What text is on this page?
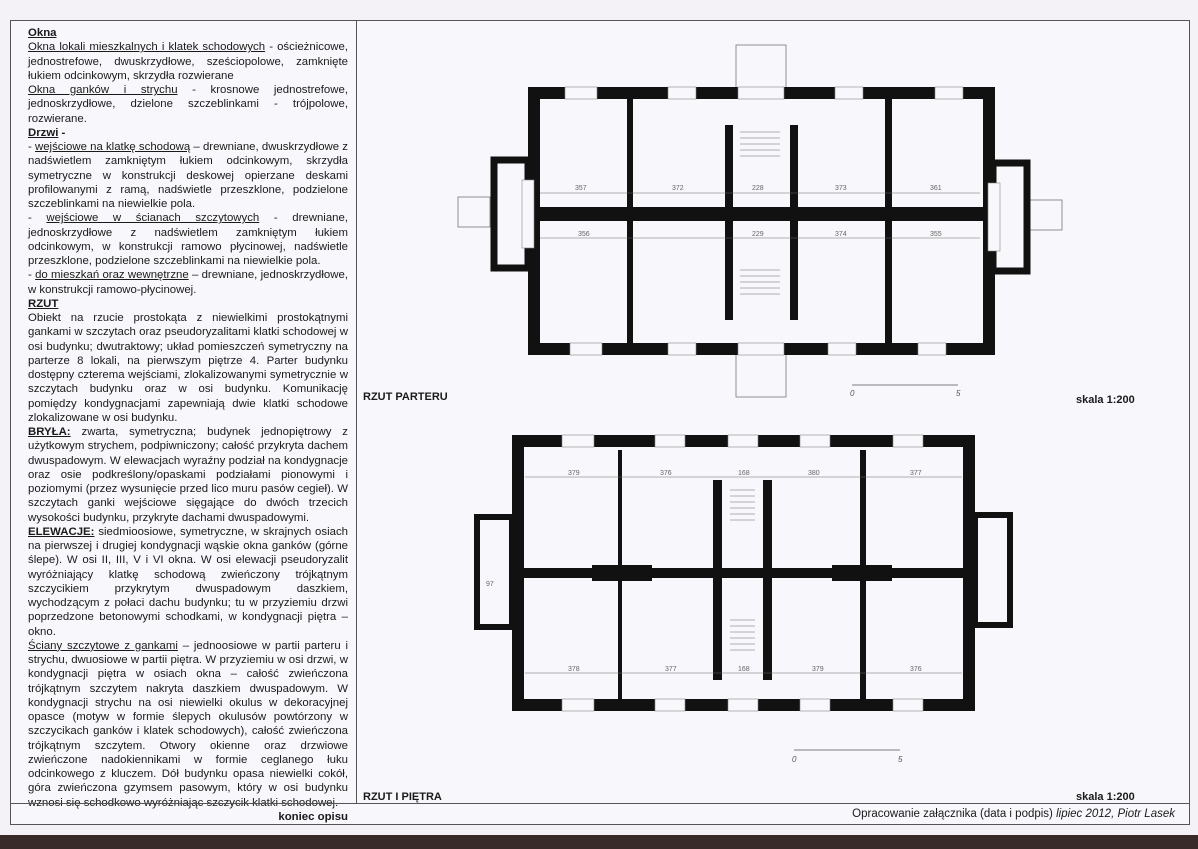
Okna

Okna lokali mieszkalnych i klatek schodowych - ościeżnicowe, jednostrefowe, dwuskrzydłowe, sześciopolowe, zamknięte łukiem odcinkowym, skrzydła rozwierane

Okna ganków i strychu - krosnowe jednostrefowe, jednoskrzydłowe, dzielone szczeblinkami - trójpolowe, rozwierane.

Drzwi -

- wejściowe na klatkę schodową – drewniane, dwuskrzydłowe z nadświetlem zamkniętym łukiem odcinkowym, skrzydła symetryczne w konstrukcji deskowej opierzane deskami profilowanymi z ramą, nadświetle przeszklone, podzielone szczeblinkami na niewielkie pola.

- wejściowe w ścianach szczytowych - drewniane, jednoskrzydłowe z nadświetlem zamkniętym łukiem odcinkowym, w konstrukcji ramowo płycinowej, nadświetle przeszklone, podzielone szczeblinkami na niewielkie pola.

- do mieszkań oraz wewnętrzne – drewniane, jednoskrzydłowe, w konstrukcji ramowo-płycinowej.

RZUT

Obiekt na rzucie prostokąta z niewielkimi prostokątnymi gankami w szczytach oraz pseudoryzalitami klatki schodowej w osi budynku; dwutraktowy; układ pomieszczeń symetryczny na parterze 8 lokali, na pierwszym piętrze 4. Parter budynku dostępny czterema wejściami, zlokalizowanymi symetrycznie w szczytach budynku oraz w osi budynku. Komunikację pomiędzy kondygnacjami zapewniają dwie klatki schodowe zlokalizowane w osi budynku.

BRYŁA: zwarta, symetryczna; budynek jednopiętrowy z użytkowym strychem, podpiwniczony; całość przykryta dachem dwuspadowym. W elewacjach wyraźny podział na kondygnacje oraz osie podkreślony/opaskami podziałami pionowymi i poziomymi (przez wysunięcie przed lico muru pasów cegieł). W szczytach ganki wejściowe sięgające do dwóch trzecich wysokości budynku, przykryte dachami dwuspadowymi.

ELEWACJE: siedmioosiowe, symetryczne, w skrajnych osiach na pierwszej i drugiej kondygnacji wąskie okna ganków (górne ślepe). W osi II, III, V i VI okna. W osi elewacji pseudoryzalit wyróżniający klatkę schodową zwieńczony trójkątnym szczycikiem przykrytym dwuspadowym daszkiem, wychodzącym z połaci dachu budynku; tu w przyziemiu drzwi poprzedzone betonowymi schodkami, w kondygnacji piętra – okno.

Ściany szczytowe z gankami – jednoosiowe w partii parteru i strychu, dwuosiowe w partii piętra. W przyziemiu w osi drzwi, w kondygnacji piętra w osiach okna – całość zwieńczona trójkątnym szczytem nakryta daszkiem dwuspadowym. W kondygnacji strychu na osi niewielki okulus w dekoracyjnej opasce (motyw w formie ślepych okulusów powtórzony w szczycikach ganków i klatek schodowych), całość zwieńczona trójkątnym szczytem. Otwory okienne oraz drzwiowe zwieńczone nadokiennikami w formie ceglanego łuku odcinkowego z kluczem. Dół budynku opasa niewielki cokół, góra zwieńczona gzymsem pasowym, który w osi budynku wznosi się schodkowo wyróżniając szczycik klatki schodowej.

koniec opisu

RZUT PARTERU	skala 1:200
RZUT I PIĘTRA	skala 1:200
Opracowanie załącznika (data i podpis) lipiec 2012, Piotr Lasek
357	372	228	373	361
356	229	374	355
0	5
379	376	168	380	377
378	377	168	379	376
97
0	5
